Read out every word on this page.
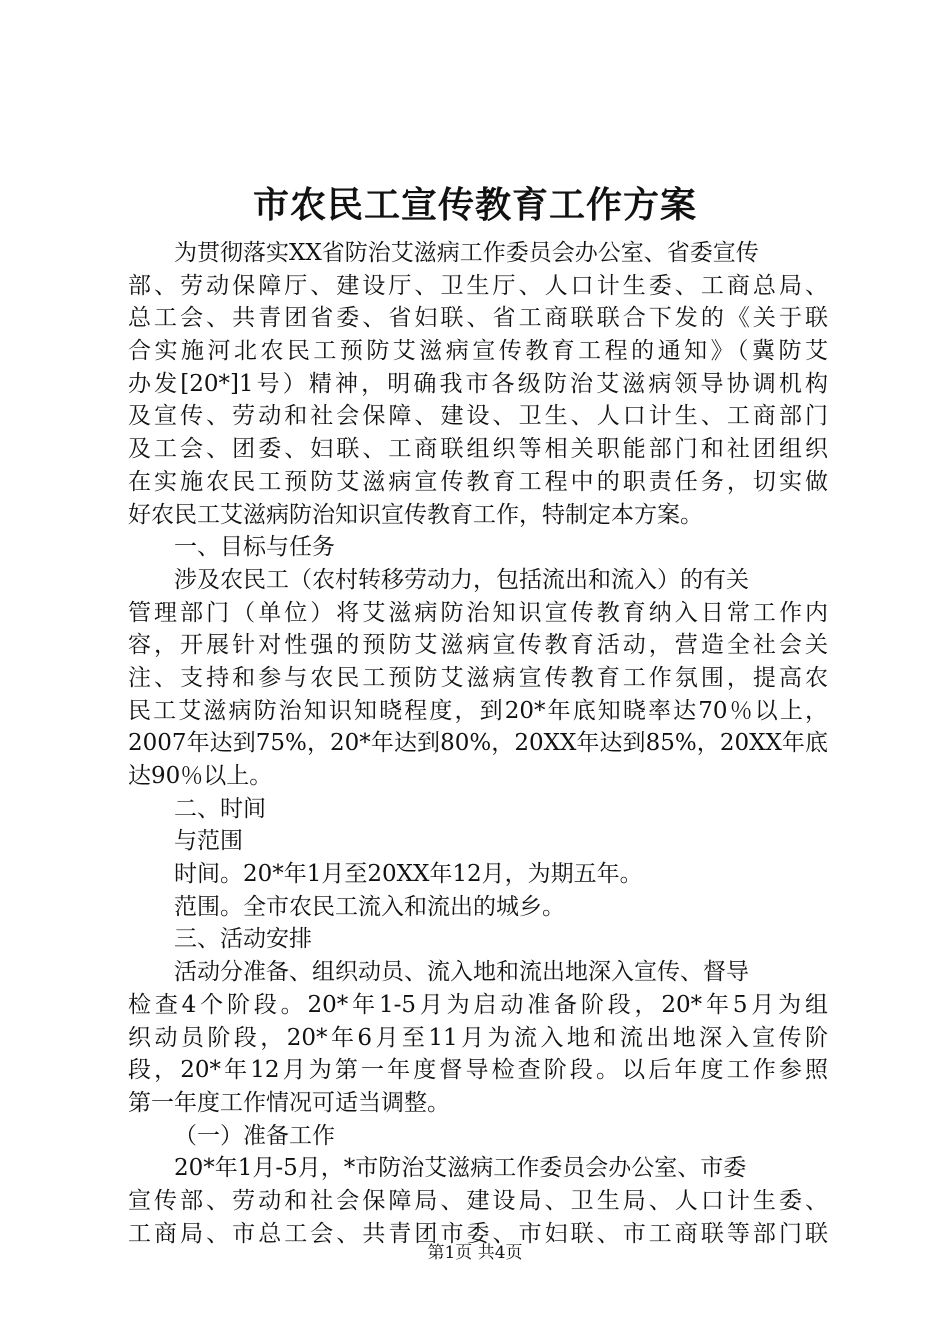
市农民工宣传教育工作方案
为贯彻落实XX省防治艾滋病工作委员会办公室、省委宣传
部、劳动保障厅、建设厅、卫生厅、人口计生委、工商总局、
总工会、共青团省委、省妇联、省工商联联合下发的《关于联
合实施河北农民工预防艾滋病宣传教育工程的通知》（冀防艾
办发[20*]1号）精神，明确我市各级防治艾滋病领导协调机构
及宣传、劳动和社会保障、建设、卫生、人口计生、工商部门
及工会、团委、妇联、工商联组织等相关职能部门和社团组织
在实施农民工预防艾滋病宣传教育工程中的职责任务，切实做
好农民工艾滋病防治知识宣传教育工作，特制定本方案。
一、目标与任务
涉及农民工（农村转移劳动力，包括流出和流入）的有关
管理部门（单位）将艾滋病防治知识宣传教育纳入日常工作内
容，开展针对性强的预防艾滋病宣传教育活动，营造全社会关
注、支持和参与农民工预防艾滋病宣传教育工作氛围，提高农
民工艾滋病防治知识知晓程度，到20*年底知晓率达70％以上，
2007年达到75%，20*年达到80%，20XX年达到85%，20XX年底
达90％以上。
二、时间
与范围
时间。20*年1月至20XX年12月，为期五年。
范围。全市农民工流入和流出的城乡。
三、活动安排
活动分准备、组织动员、流入地和流出地深入宣传、督导
检查4个阶段。20*年1-5月为启动准备阶段，20*年5月为组
织动员阶段，20*年6月至11月为流入地和流出地深入宣传阶
段，20*年12月为第一年度督导检查阶段。以后年度工作参照
第一年度工作情况可适当调整。
（一）准备工作
20*年1月-5月，*市防治艾滋病工作委员会办公室、市委
宣传部、劳动和社会保障局、建设局、卫生局、人口计生委、
工商局、市总工会、共青团市委、市妇联、市工商联等部门联
第1页 共4页
